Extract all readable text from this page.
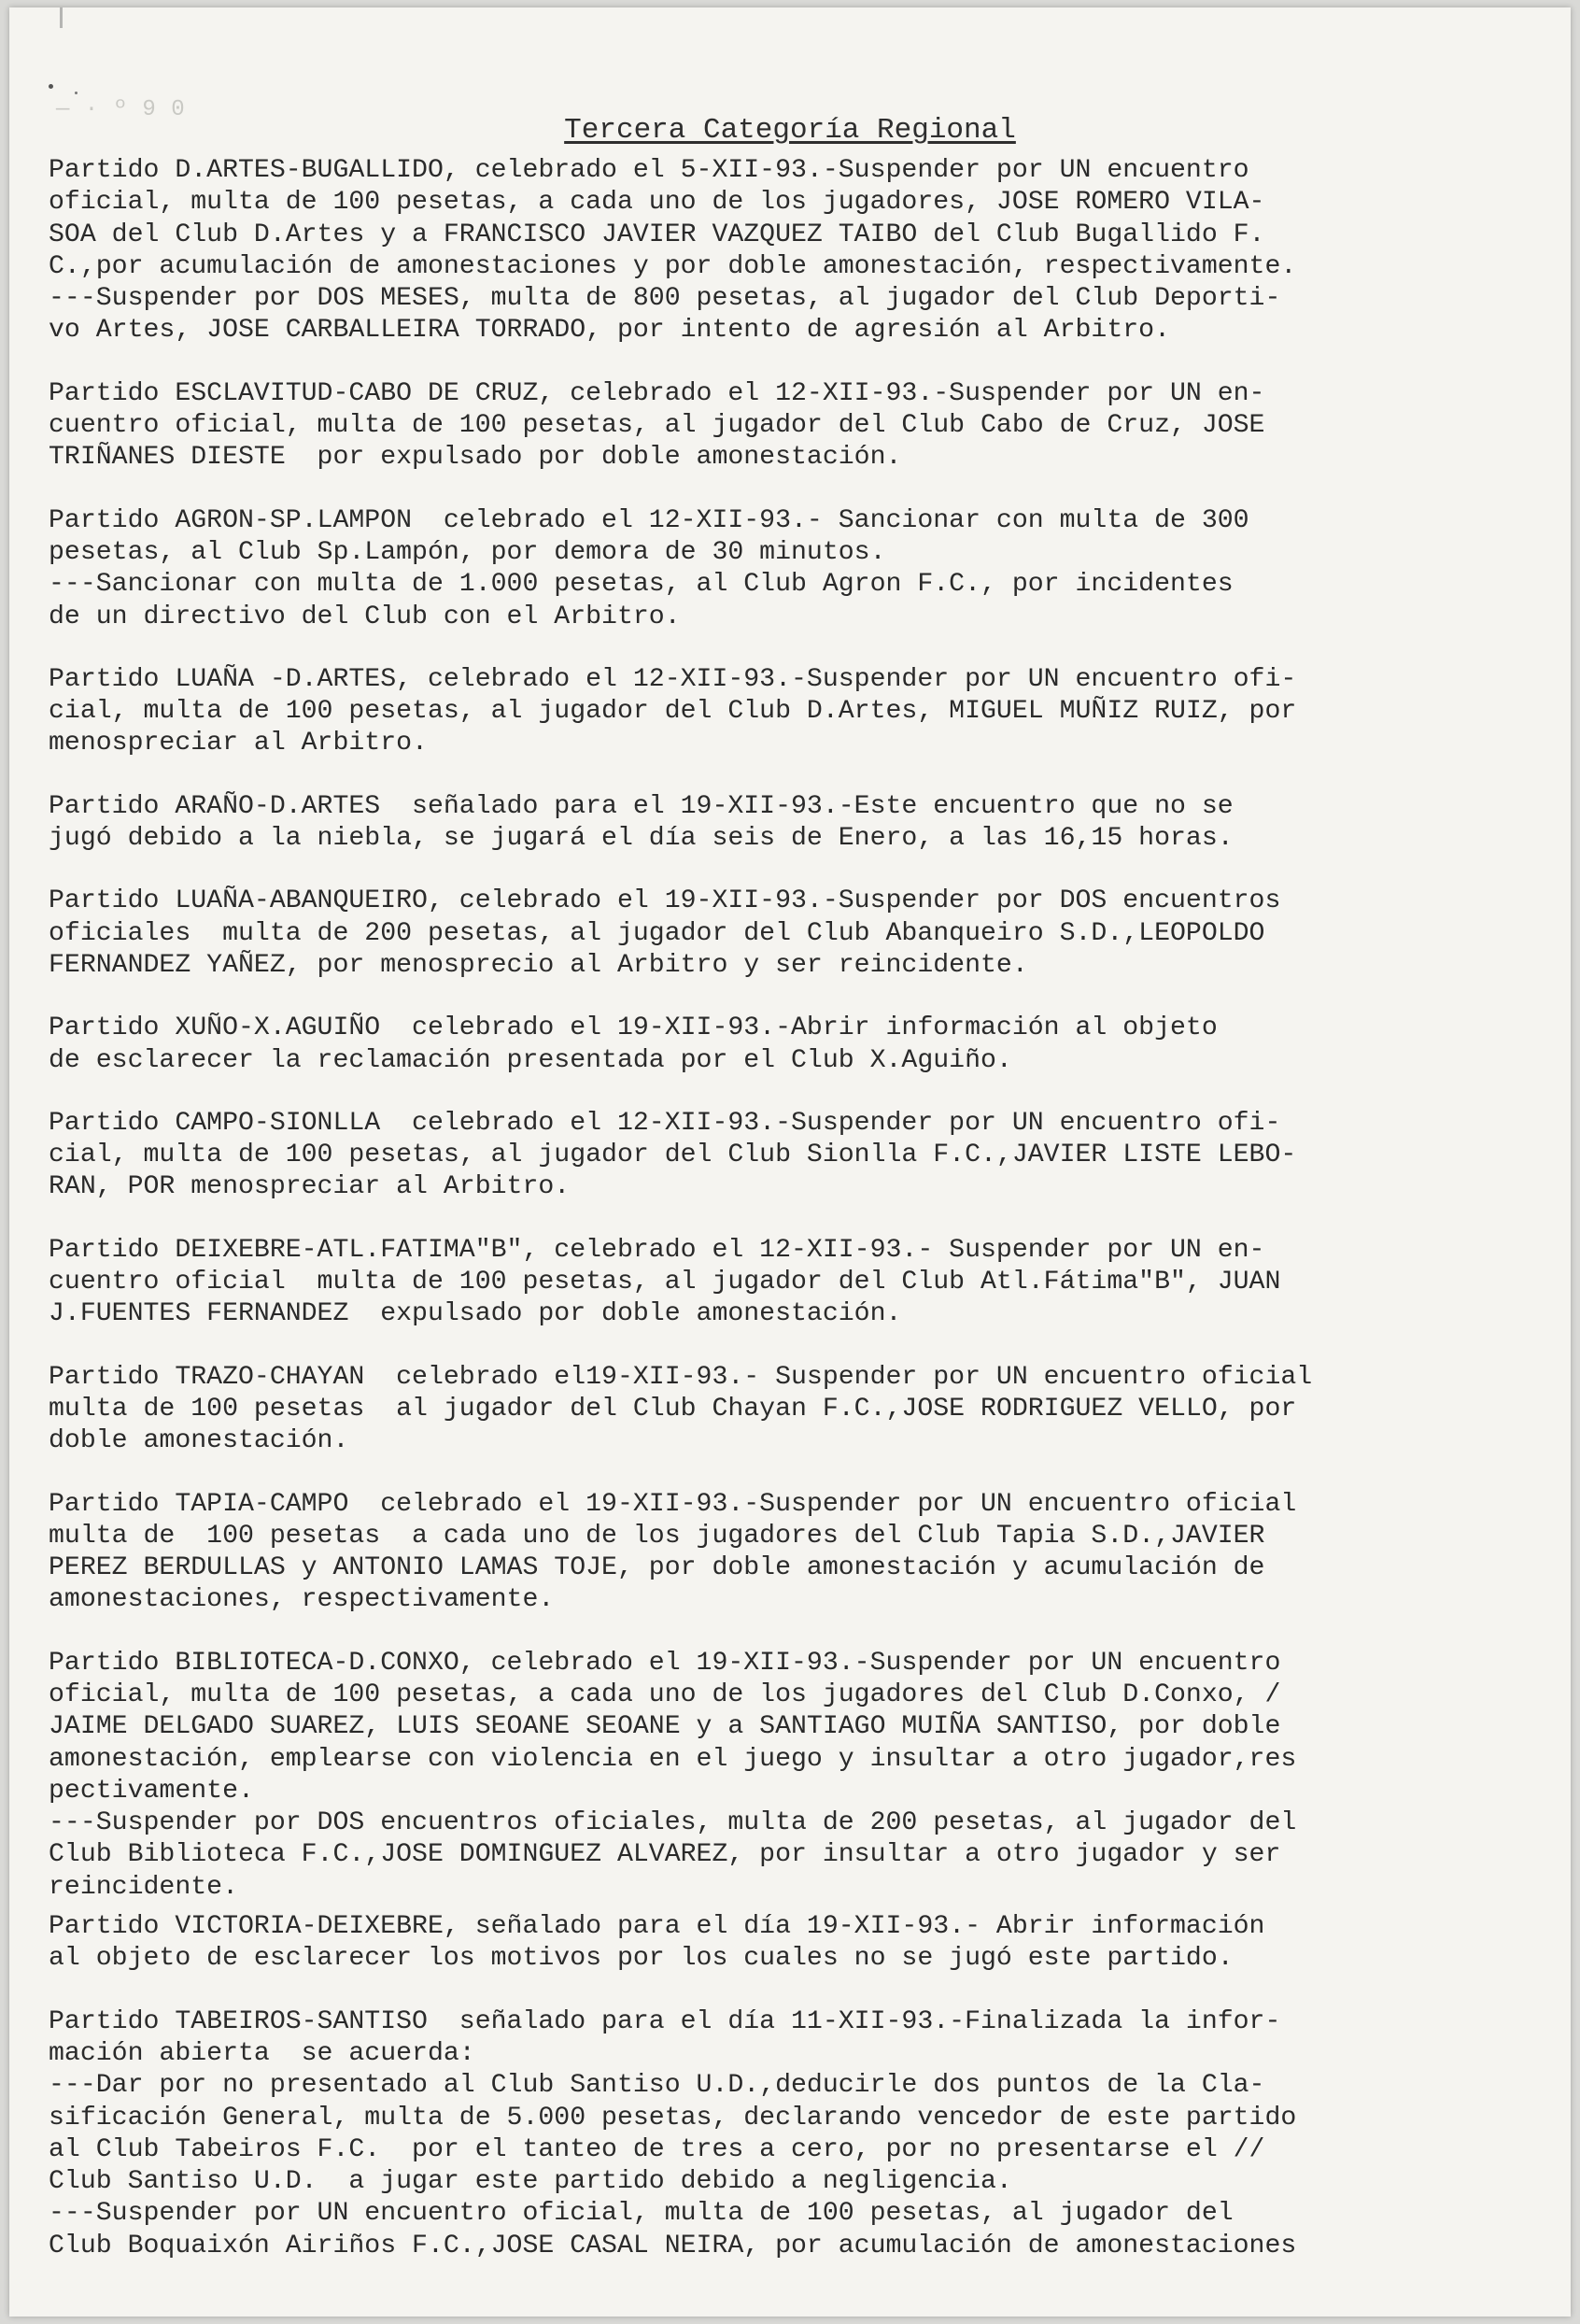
— · º 9 0
Tercera Categoría Regional
Partido D.ARTES-BUGALLIDO, celebrado el 5-XII-93.-Suspender por UN encuentro
oficial, multa de 100 pesetas, a cada uno de los jugadores, JOSE ROMERO VILA-
SOA del Club D.Artes y a FRANCISCO JAVIER VAZQUEZ TAIBO del Club Bugallido F.
C.,por acumulación de amonestaciones y por doble amonestación, respectivamente.
---Suspender por DOS MESES, multa de 800 pesetas, al jugador del Club Deporti-
vo Artes, JOSE CARBALLEIRA TORRADO, por intento de agresión al Arbitro.
Partido ESCLAVITUD-CABO DE CRUZ, celebrado el 12-XII-93.-Suspender por UN en-
cuentro oficial, multa de 100 pesetas, al jugador del Club Cabo de Cruz, JOSE
TRIÑANES DIESTE  por expulsado por doble amonestación.
Partido AGRON-SP.LAMPON  celebrado el 12-XII-93.- Sancionar con multa de 300
pesetas, al Club Sp.Lampón, por demora de 30 minutos.
---Sancionar con multa de 1.000 pesetas, al Club Agron F.C., por incidentes
de un directivo del Club con el Arbitro.
Partido LUAÑA -D.ARTES, celebrado el 12-XII-93.-Suspender por UN encuentro ofi-
cial, multa de 100 pesetas, al jugador del Club D.Artes, MIGUEL MUÑIZ RUIZ, por
menospreciar al Arbitro.
Partido ARAÑO-D.ARTES  señalado para el 19-XII-93.-Este encuentro que no se
jugó debido a la niebla, se jugará el día seis de Enero, a las 16,15 horas.
Partido LUAÑA-ABANQUEIRO, celebrado el 19-XII-93.-Suspender por DOS encuentros
oficiales  multa de 200 pesetas, al jugador del Club Abanqueiro S.D.,LEOPOLDO
FERNANDEZ YAÑEZ, por menosprecio al Arbitro y ser reincidente.
Partido XUÑO-X.AGUIÑO  celebrado el 19-XII-93.-Abrir información al objeto
de esclarecer la reclamación presentada por el Club X.Aguiño.
Partido CAMPO-SIONLLA  celebrado el 12-XII-93.-Suspender por UN encuentro ofi-
cial, multa de 100 pesetas, al jugador del Club Sionlla F.C.,JAVIER LISTE LEBO-
RAN, POR menospreciar al Arbitro.
Partido DEIXEBRE-ATL.FATIMA"B", celebrado el 12-XII-93.- Suspender por UN en-
cuentro oficial  multa de 100 pesetas, al jugador del Club Atl.Fátima"B", JUAN
J.FUENTES FERNANDEZ  expulsado por doble amonestación.
Partido TRAZO-CHAYAN  celebrado el19-XII-93.- Suspender por UN encuentro oficial
multa de 100 pesetas  al jugador del Club Chayan F.C.,JOSE RODRIGUEZ VELLO, por
doble amonestación.
Partido TAPIA-CAMPO  celebrado el 19-XII-93.-Suspender por UN encuentro oficial
multa de  100 pesetas  a cada uno de los jugadores del Club Tapia S.D.,JAVIER
PEREZ BERDULLAS y ANTONIO LAMAS TOJE, por doble amonestación y acumulación de
amonestaciones, respectivamente.
Partido BIBLIOTECA-D.CONXO, celebrado el 19-XII-93.-Suspender por UN encuentro
oficial, multa de 100 pesetas, a cada uno de los jugadores del Club D.Conxo, /
JAIME DELGADO SUAREZ, LUIS SEOANE SEOANE y a SANTIAGO MUIÑA SANTISO, por doble
amonestación, emplearse con violencia en el juego y insultar a otro jugador,res
pectivamente.
---Suspender por DOS encuentros oficiales, multa de 200 pesetas, al jugador del
Club Biblioteca F.C.,JOSE DOMINGUEZ ALVAREZ, por insultar a otro jugador y ser
reincidente.
Partido VICTORIA-DEIXEBRE, señalado para el día 19-XII-93.- Abrir información
al objeto de esclarecer los motivos por los cuales no se jugó este partido.
Partido TABEIROS-SANTISO  señalado para el día 11-XII-93.-Finalizada la infor-
mación abierta  se acuerda:
---Dar por no presentado al Club Santiso U.D.,deducirle dos puntos de la Cla-
sificación General, multa de 5.000 pesetas, declarando vencedor de este partido
al Club Tabeiros F.C.  por el tanteo de tres a cero, por no presentarse el //
Club Santiso U.D.  a jugar este partido debido a negligencia.
---Suspender por UN encuentro oficial, multa de 100 pesetas, al jugador del
Club Boquaixón Airiños F.C.,JOSE CASAL NEIRA, por acumulación de amonestaciones
